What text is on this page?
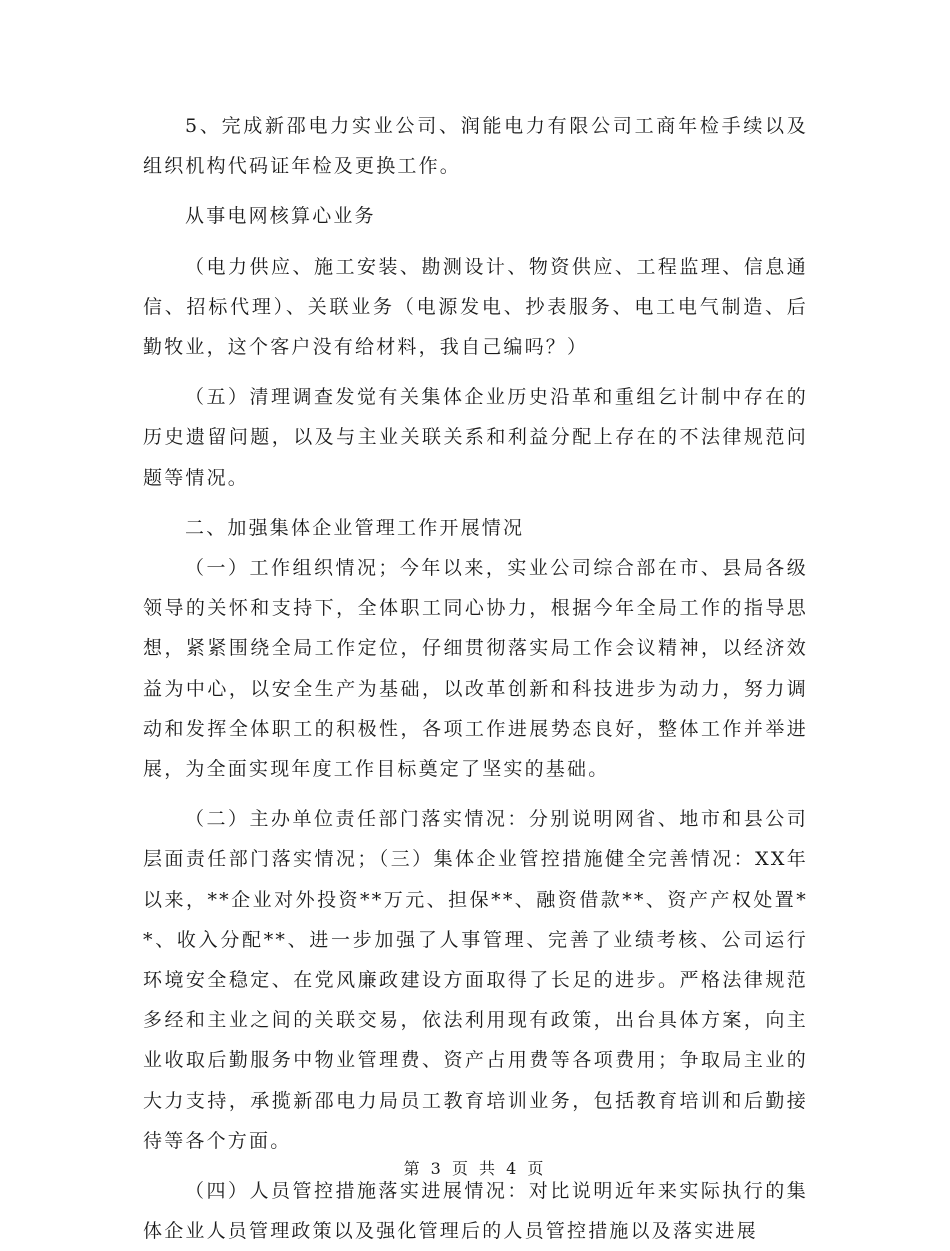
5、完成新邵电力实业公司、润能电力有限公司工商年检手续以及组织机构代码证年检及更换工作。

从事电网核算心业务

（电力供应、施工安装、勘测设计、物资供应、工程监理、信息通信、招标代理）、关联业务（电源发电、抄表服务、电工电气制造、后勤牧业，这个客户没有给材料，我自己编吗？）

（五）清理调查发觉有关集体企业历史沿革和重组乞计制中存在的历史遗留问题，以及与主业关联关系和利益分配上存在的不法律规范问题等情况。

二、加强集体企业管理工作开展情况

（一）工作组织情况；今年以来，实业公司综合部在市、县局各级领导的关怀和支持下，全体职工同心协力，根据今年全局工作的指导思想，紧紧围绕全局工作定位，仔细贯彻落实局工作会议精神，以经济效益为中心，以安全生产为基础，以改革创新和科技进步为动力，努力调动和发挥全体职工的积极性，各项工作进展势态良好，整体工作并举进展，为全面实现年度工作目标奠定了坚实的基础。

（二）主办单位责任部门落实情况：分别说明网省、地市和县公司层面责任部门落实情况；（三）集体企业管控措施健全完善情况：XX年以来，**企业对外投资**万元、担保**、融资借款**、资产产权处置**、收入分配**、进一步加强了人事管理、完善了业绩考核、公司运行环境安全稳定、在党风廉政建设方面取得了长足的进步。严格法律规范多经和主业之间的关联交易，依法利用现有政策，出台具体方案，向主业收取后勤服务中物业管理费、资产占用费等各项费用；争取局主业的大力支持，承揽新邵电力局员工教育培训业务，包括教育培训和后勤接待等各个方面。

（四）人员管控措施落实进展情况：对比说明近年来实际执行的集体企业人员管理政策以及强化管理后的人员管控措施以及落实进展

第 3 页 共 4 页
